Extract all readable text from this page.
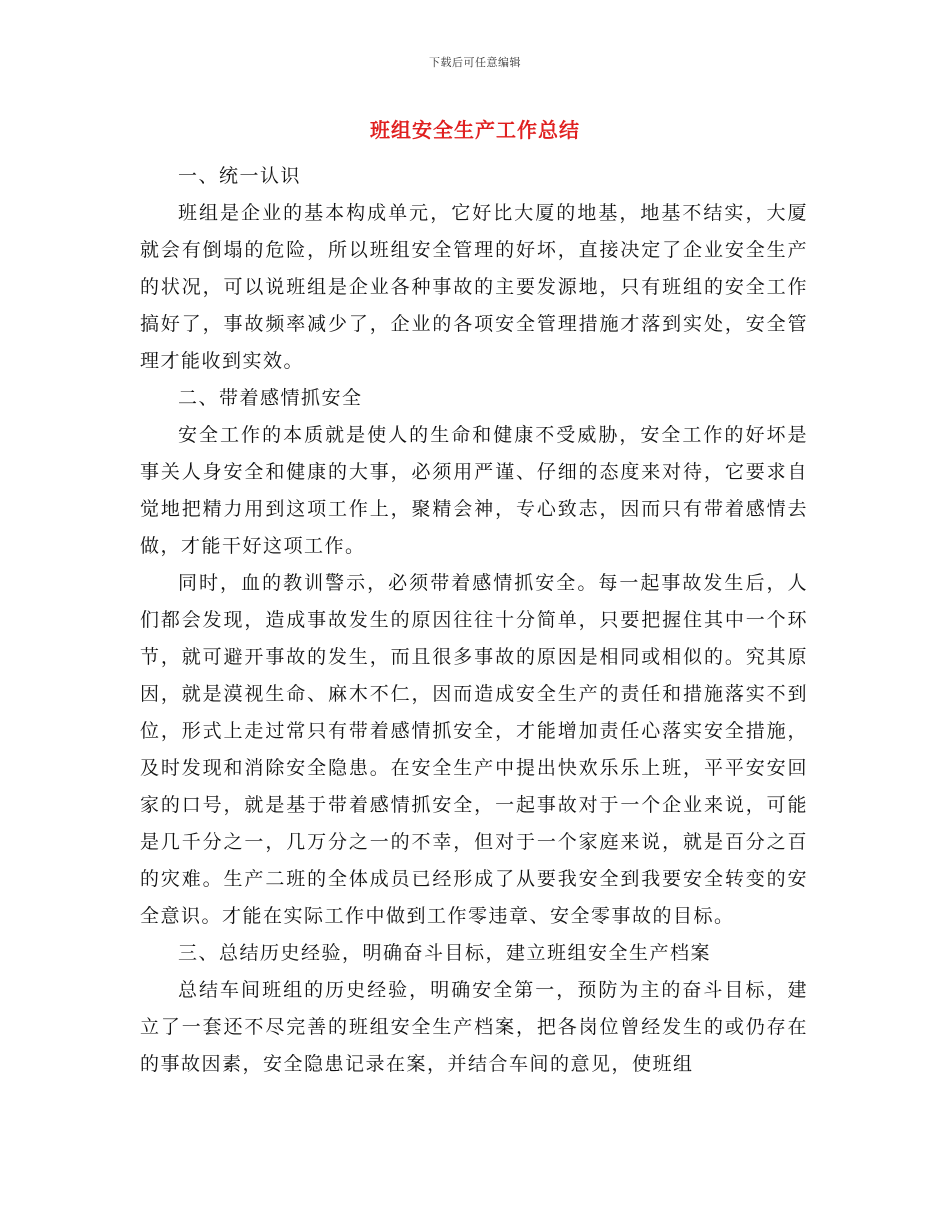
下载后可任意编辑
班组安全生产工作总结

一、统一认识

班组是企业的基本构成单元，它好比大厦的地基，地基不结实，大厦就会有倒塌的危险，所以班组安全管理的好坏，直接决定了企业安全生产的状况，可以说班组是企业各种事故的主要发源地，只有班组的安全工作搞好了，事故频率减少了，企业的各项安全管理措施才落到实处，安全管理才能收到实效。

二、带着感情抓安全

安全工作的本质就是使人的生命和健康不受威胁，安全工作的好坏是事关人身安全和健康的大事，必须用严谨、仔细的态度来对待，它要求自觉地把精力用到这项工作上，聚精会神，专心致志，因而只有带着感情去做，才能干好这项工作。

同时，血的教训警示，必须带着感情抓安全。每一起事故发生后，人们都会发现，造成事故发生的原因往往十分简单，只要把握住其中一个环节，就可避开事故的发生，而且很多事故的原因是相同或相似的。究其原因，就是漠视生命、麻木不仁，因而造成安全生产的责任和措施落实不到位，形式上走过常只有带着感情抓安全，才能增加责任心落实安全措施，及时发现和消除安全隐患。在安全生产中提出快欢乐乐上班，平平安安回家的口号，就是基于带着感情抓安全，一起事故对于一个企业来说，可能是几千分之一，几万分之一的不幸，但对于一个家庭来说，就是百分之百的灾难。生产二班的全体成员已经形成了从要我安全到我要安全转变的安全意识。才能在实际工作中做到工作零违章、安全零事故的目标。

三、总结历史经验，明确奋斗目标，建立班组安全生产档案

总结车间班组的历史经验，明确安全第一，预防为主的奋斗目标，建立了一套还不尽完善的班组安全生产档案，把各岗位曾经发生的或仍存在的事故因素，安全隐患记录在案，并结合车间的意见，使班组
